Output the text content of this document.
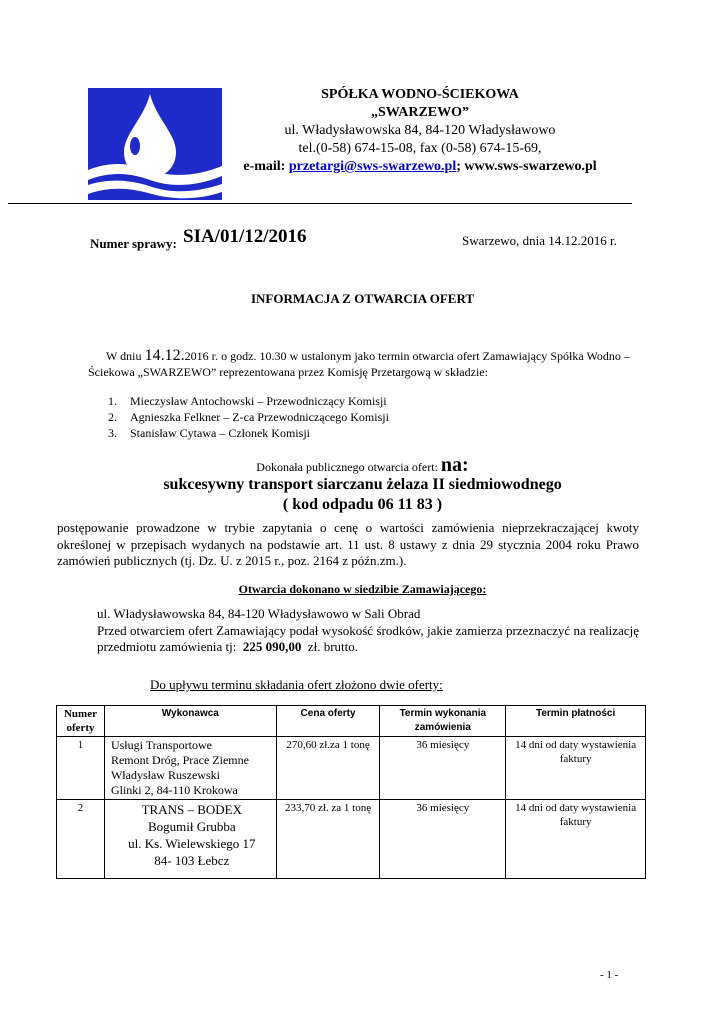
SPÓŁKA WODNO-ŚCIEKOWA
„SWARZEWO”
ul. Władysławowska 84, 84-120 Władysławowo
tel.(0-58) 674-15-08, fax (0-58) 674-15-69,
e-mail: przetargi@sws-swarzewo.pl; www.sws-swarzewo.pl
Numer sprawy: SIA/01/12/2016	Swarzewo, dnia 14.12.2016 r.
INFORMACJA Z OTWARCIA OFERT
W dniu 14.12.2016 r. o godz. 10.30 w ustalonym jako termin otwarcia ofert Zamawiający Spółka Wodno – Ściekowa „SWARZEWO” reprezentowana przez Komisję Przetargową w składzie:
1.	Mieczysław Antochowski – Przewodniczący Komisji
2.	Agnieszka Felkner – Z-ca Przewodniczącego Komisji
3.	Stanisław Cytawa – Członek Komisji
Dokonała publicznego otwarcia ofert: na:
sukcesywny transport siarczanu żelaza II siedmiowodnego
( kod odpadu 06 11 83 )
postępowanie prowadzone w trybie zapytania o cenę o wartości zamówienia nieprzekraczającej kwoty określonej w przepisach wydanych na podstawie art. 11 ust. 8 ustawy z dnia 29 stycznia 2004 roku Prawo zamówień publicznych (tj. Dz. U. z 2015 r., poz. 2164 z późn.zm.).
Otwarcia dokonano w siedzibie Zamawiającego:
ul. Władysławowska 84, 84-120 Władysławowo w Sali Obrad
Przed otwarciem ofert Zamawiający podał wysokość środków, jakie zamierza przeznaczyć na realizację przedmiotu zamówienia tj: 225 090,00 zł. brutto.
Do upływu terminu składania ofert złożono dwie oferty:
Numer oferty	Wykonawca	Cena oferty	Termin wykonania zamówienia	Termin płatności
1	Usługi Transportowe
Remont Dróg, Prace Ziemne
Władysław Ruszewski
Glinki 2, 84-110 Krokowa	270,60 zł.za 1 tonę	36 miesięcy	14 dni od daty wystawienia faktury
2	TRANS – BODEX
Bogumił Grubba
ul. Ks. Wielewskiego 17
84- 103 Łebcz	233,70 zł. za 1 tonę	36 miesięcy	14 dni od daty wystawienia faktury
- 1 -
